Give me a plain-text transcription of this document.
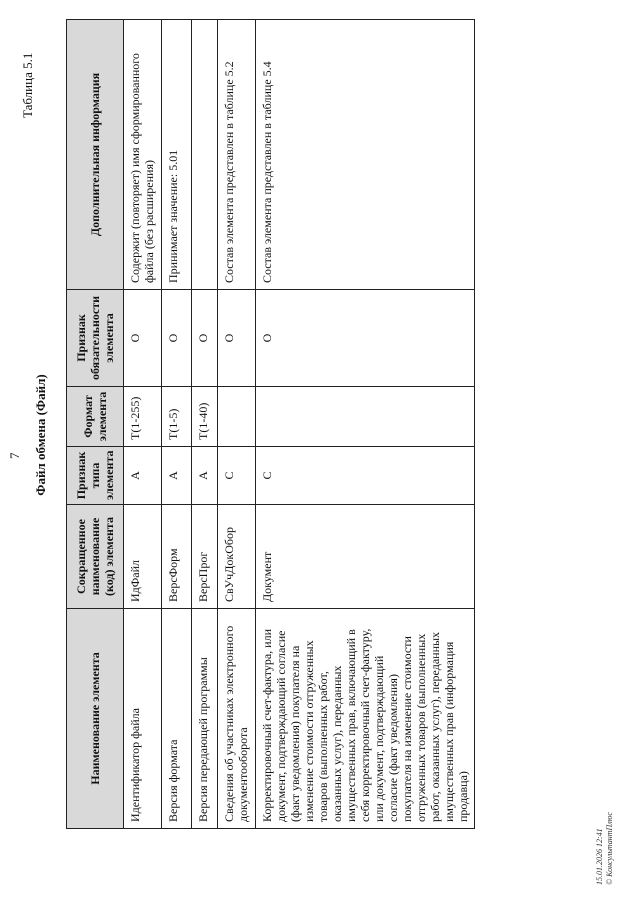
7
Таблица 5.1
Файл обмена (Файл)
Наименование элемента	Сокращенное наименование (код) элемента	Признак типа элемента	Формат элемента	Признак обязательности элемента	Дополнительная информация
Идентификатор файла	ИдФайл	А	T(1-255)	О	Содержит (повторяет) имя сформированного файла (без расширения)
Версия формата	ВерсФорм	А	T(1-5)	О	Принимает значение: 5.01
Версия передающей программы	ВерсПрог	А	T(1-40)	О	
Сведения об участниках электронного документооборота	СвУчДокОбор	С		О	Состав элемента представлен в таблице 5.2
Корректировочный счет-фактура, или документ, подтверждающий согласие (факт уведомления) покупателя на изменение стоимости отгруженных товаров (выполненных работ, оказанных услуг), переданных имущественных прав, включающий в себя корректировочный счет-фактуру, или документ, подтверждающий согласие (факт уведомления) покупателя на изменение стоимости отгруженных товаров (выполненных работ, оказанных услуг), переданных имущественных прав (информация продавца)	Документ	С		О	Состав элемента представлен в таблице 5.4
15.01.2026 12:41 © КонсультантПлюс
